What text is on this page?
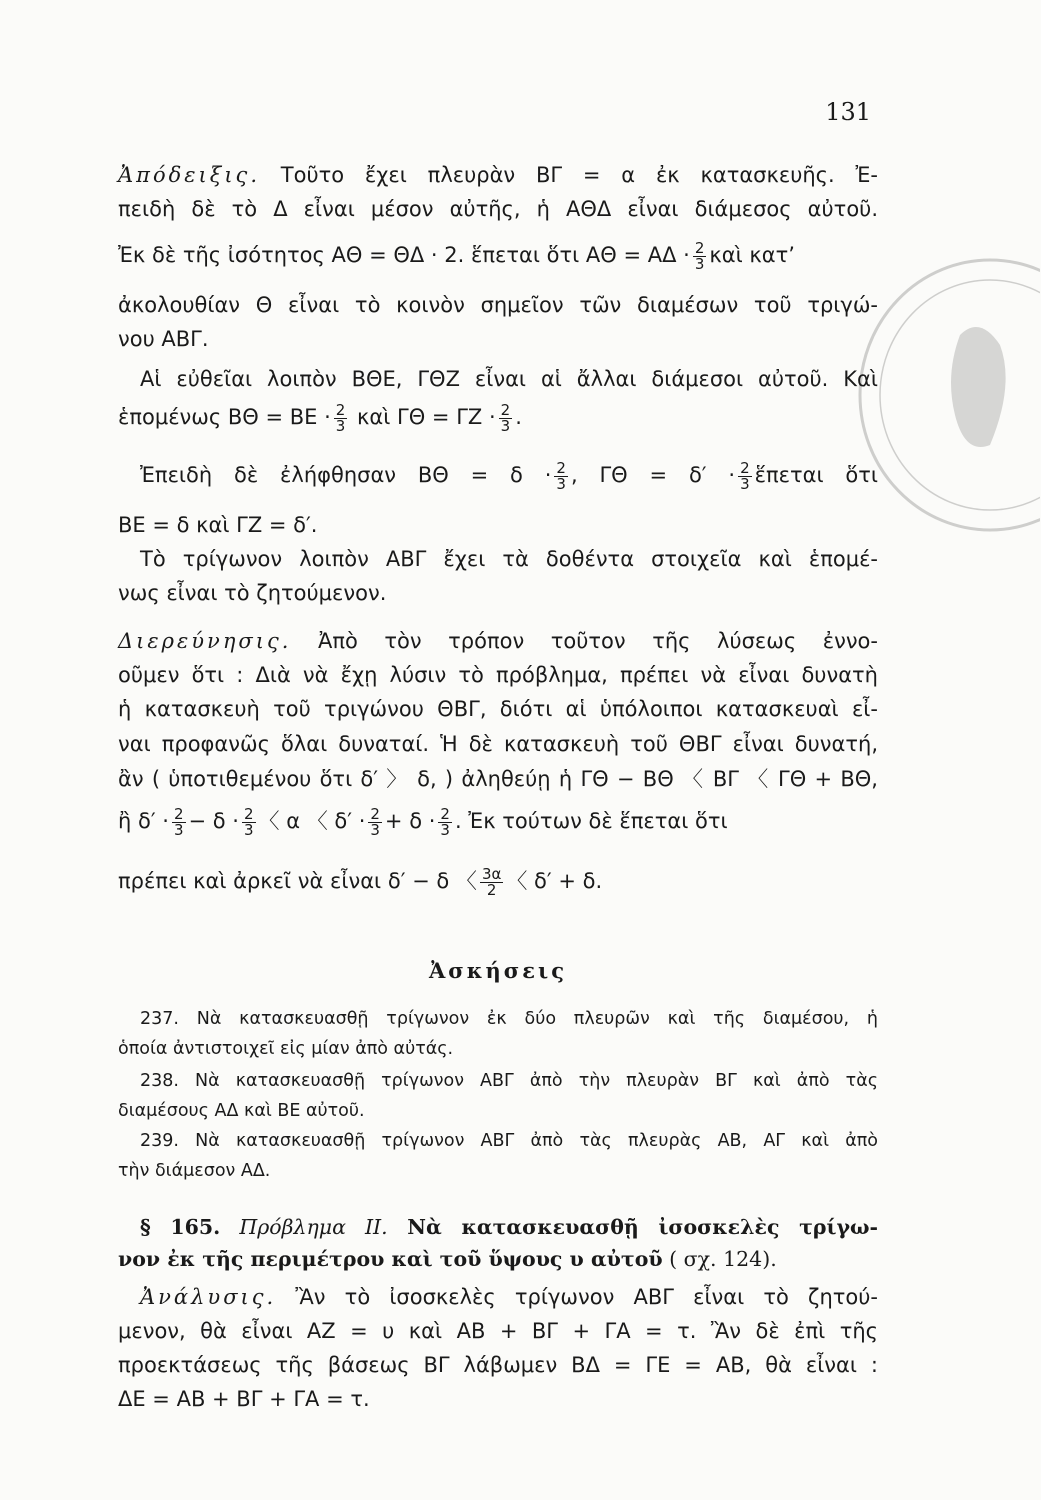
131
Ἀπόδειξις. Τοῦτο ἔχει πλευρὰν ΒΓ = α ἐκ κατασκευῆς. Ἐ-
πειδὴ δὲ τὸ Δ εἶναι μέσον αὐτῆς, ἡ ΑΘΔ εἶναι διάμεσος αὐτοῦ.
Ἐκ δὲ τῆς ἰσότητος ΑΘ = ΘΔ · 2. ἕπεται ὅτι $A\Theta = A\Delta \cdot \frac{2}{3}$ καὶ κατ’
ἀκολουθίαν Θ εἶναι τὸ κοινὸν σημεῖον τῶν διαμέσων τοῦ τριγώ-
νου ΑΒΓ.
Αἱ εὐθεῖαι λοιπὸν ΒΘΕ, ΓΘΖ εἶναι αἱ ἄλλαι διάμεσοι αὐτοῦ. Καὶ
ἑπομένως $B\Theta = BE \cdot \frac{2}{3}$ καὶ $\Gamma\Theta = \Gamma Z \cdot \frac{2}{3}$ .
Ἐπειδὴ δὲ ἐλήφθησαν $B\Theta = \delta \cdot \frac{2}{3}$ , $\Gamma\Theta = \delta' \cdot \frac{2}{3}$ ἕπεται ὅτι
ΒΕ = δ καὶ ΓΖ = δ′.
Τὸ τρίγωνον λοιπὸν ΑΒΓ ἔχει τὰ δοθέντα στοιχεῖα καὶ ἑπομέ-
νως εἶναι τὸ ζητούμενον.
Διερεύνησις. Ἀπὸ τὸν τρόπον τοῦτον τῆς λύσεως ἐννο-
οῦμεν ὅτι : Διὰ νὰ ἔχῃ λύσιν τὸ πρόβλημα, πρέπει νὰ εἶναι δυνατὴ
ἡ κατασκευὴ τοῦ τριγώνου ΘΒΓ, διότι αἱ ὑπόλοιποι κατασκευαὶ εἶ-
ναι προφανῶς ὅλαι δυναταί. Ἡ δὲ κατασκευὴ τοῦ ΘΒΓ εἶναι δυνατή,
ἂν ( ὑποτιθεμένου ὅτι δ′ 〉 δ, ) ἀληθεύῃ ἡ ΓΘ − ΒΘ 〈 ΒΓ 〈 ΓΘ + ΒΘ,
ἢ $\delta' \cdot \frac{2}{3} - \delta \cdot \frac{2}{3}$ 〈 α 〈 $\delta' \cdot \frac{2}{3} + \delta \cdot \frac{2}{3}$ . Ἐκ τούτων δὲ ἕπεται ὅτι
πρέπει καὶ ἀρκεῖ νὰ εἶναι δ′ − δ 〈 $\frac{3\alpha}{2}$ 〈 δ′ + δ.
Ἀσκήσεις
237. Νὰ κατασκευασθῇ τρίγωνον ἐκ δύο πλευρῶν καὶ τῆς διαμέσου, ἡ
ὁποία ἀντιστοιχεῖ εἰς μίαν ἀπὸ αὐτάς.
238. Νὰ κατασκευασθῇ τρίγωνον ΑΒΓ ἀπὸ τὴν πλευρὰν ΒΓ καὶ ἀπὸ τὰς
διαμέσους ΑΔ καὶ ΒΕ αὐτοῦ.
239. Νὰ κατασκευασθῇ τρίγωνον ΑΒΓ ἀπὸ τὰς πλευρὰς ΑΒ, ΑΓ καὶ ἀπὸ
τὴν διάμεσον ΑΔ.
§ 165. Πρόβλημα ΙΙ. Νὰ κατασκευασθῇ ἰσοσκελὲς τρίγω-
νον ἐκ τῆς περιμέτρου καὶ τοῦ ὕψους υ αὐτοῦ ( σχ. 124).
Ἀνάλυσις. Ἂν τὸ ἰσοσκελὲς τρίγωνον ΑΒΓ εἶναι τὸ ζητού-
μενον, θὰ εἶναι ΑΖ = υ καὶ ΑΒ + ΒΓ + ΓΑ = τ. Ἂν δὲ ἐπὶ τῆς
προεκτάσεως τῆς βάσεως ΒΓ λάβωμεν ΒΔ = ΓΕ = ΑΒ, θὰ εἶναι :
ΔΕ = ΑΒ + ΒΓ + ΓΑ = τ.
